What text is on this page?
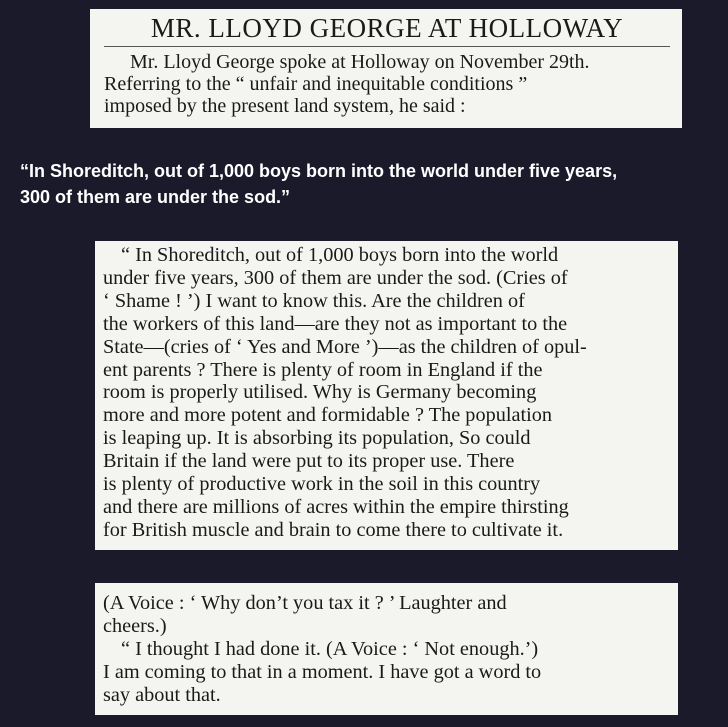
MR. LLOYD GEORGE AT HOLLOWAY

Mr. Lloyd George spoke at Holloway on November 29th.

Referring to the “ unfair and inequitable conditions ”

imposed by the present land system, he said :

“In Shoreditch, out of 1,000 boys born into the world under five years,
300 of them are under the sod.”

“ In Shoreditch, out of 1,000 boys born into the world

under five years, 300 of them are under the sod. (Cries of

‘ Shame ! ’) I want to know this. Are the children of

the workers of this land—are they not as important to the

State—(cries of ‘ Yes and More ’)—as the children of opul-

ent parents ? There is plenty of room in England if the

room is properly utilised. Why is Germany becoming

more and more potent and formidable ? The population

is leaping up. It is absorbing its population, So could

Britain if the land were put to its proper use. There

is plenty of productive work in the soil in this country

and there are millions of acres within the empire thirsting

for British muscle and brain to come there to cultivate it.

(A Voice : ‘ Why don’t you tax it ? ’ Laughter and

cheers.)

“ I thought I had done it. (A Voice : ‘ Not enough.’)

I am coming to that in a moment. I have got a word to

say about that.
